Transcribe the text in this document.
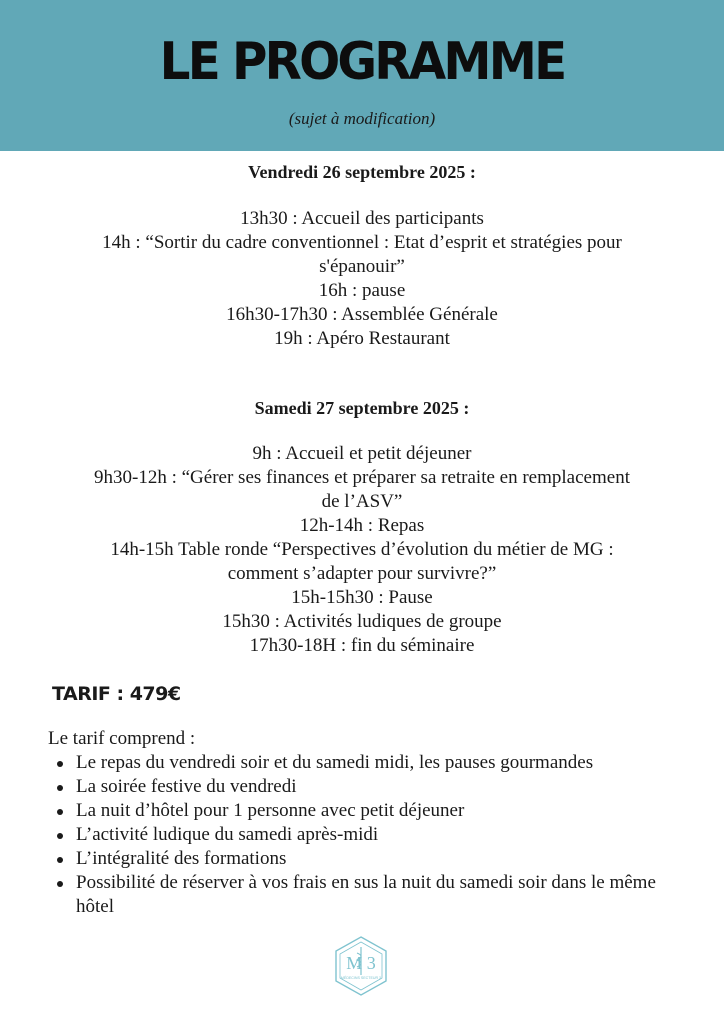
LE PROGRAMME
(sujet à modification)
Vendredi 26 septembre 2025 :
13h30 : Accueil des participants
14h : “Sortir du cadre conventionnel : Etat d’esprit et stratégies pour
s'épanouir”
16h : pause
16h30-17h30 : Assemblée Générale
19h : Apéro Restaurant
Samedi 27 septembre 2025 :
9h : Accueil et petit déjeuner
9h30-12h : “Gérer ses finances et préparer sa retraite en remplacement
de l’ASV”
12h-14h : Repas
14h-15h Table ronde “Perspectives d’évolution du métier de MG :
comment s’adapter pour survivre?”
15h-15h30 : Pause
15h30 : Activités ludiques de groupe
17h30-18H : fin du séminaire
TARIF : 479€
Le tarif comprend :
Le repas du vendredi soir et du samedi midi, les pauses gourmandes
La soirée festive du vendredi
La nuit d’hôtel pour 1 personne avec petit déjeuner
L’activité ludique du samedi après-midi
L’intégralité des formations
Possibilité de réserver à vos frais en sus la nuit du samedi soir dans le même hôtel
M 3
MÉDECINS SECTEUR 3
